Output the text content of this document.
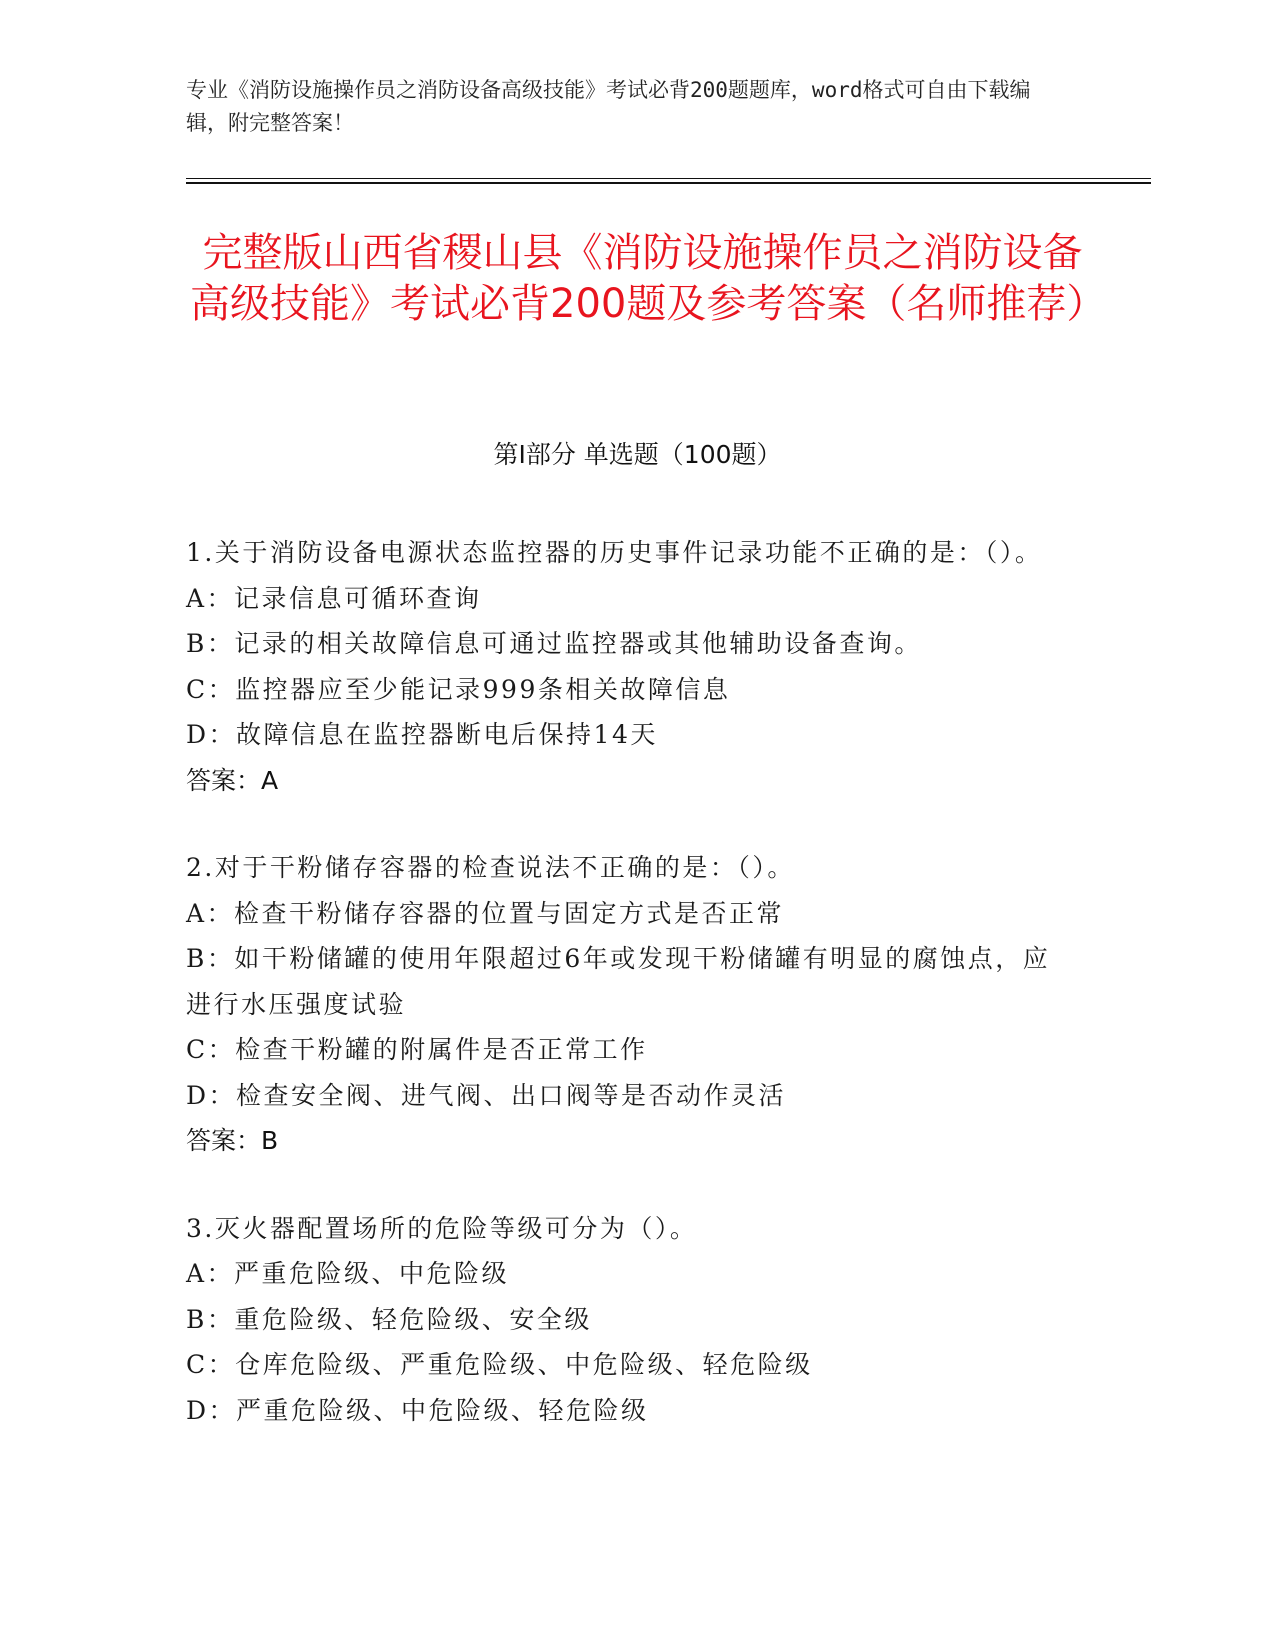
专业《消防设施操作员之消防设备高级技能》考试必背200题题库，word格式可自由下载编辑，附完整答案！
完整版山西省稷山县《消防设施操作员之消防设备高级技能》考试必背200题及参考答案（名师推荐）
第I部分 单选题（100题）
1.关于消防设备电源状态监控器的历史事件记录功能不正确的是：（）。
A：记录信息可循环查询
B：记录的相关故障信息可通过监控器或其他辅助设备查询。
C：监控器应至少能记录999条相关故障信息
D：故障信息在监控器断电后保持14天
答案：A
2.对于干粉储存容器的检查说法不正确的是：（）。
A：检查干粉储存容器的位置与固定方式是否正常
B：如干粉储罐的使用年限超过6年或发现干粉储罐有明显的腐蚀点，应进行水压强度试验
C：检查干粉罐的附属件是否正常工作
D：检查安全阀、进气阀、出口阀等是否动作灵活
答案：B
3.灭火器配置场所的危险等级可分为（）。
A：严重危险级、中危险级
B：重危险级、轻危险级、安全级
C：仓库危险级、严重危险级、中危险级、轻危险级
D：严重危险级、中危险级、轻危险级
